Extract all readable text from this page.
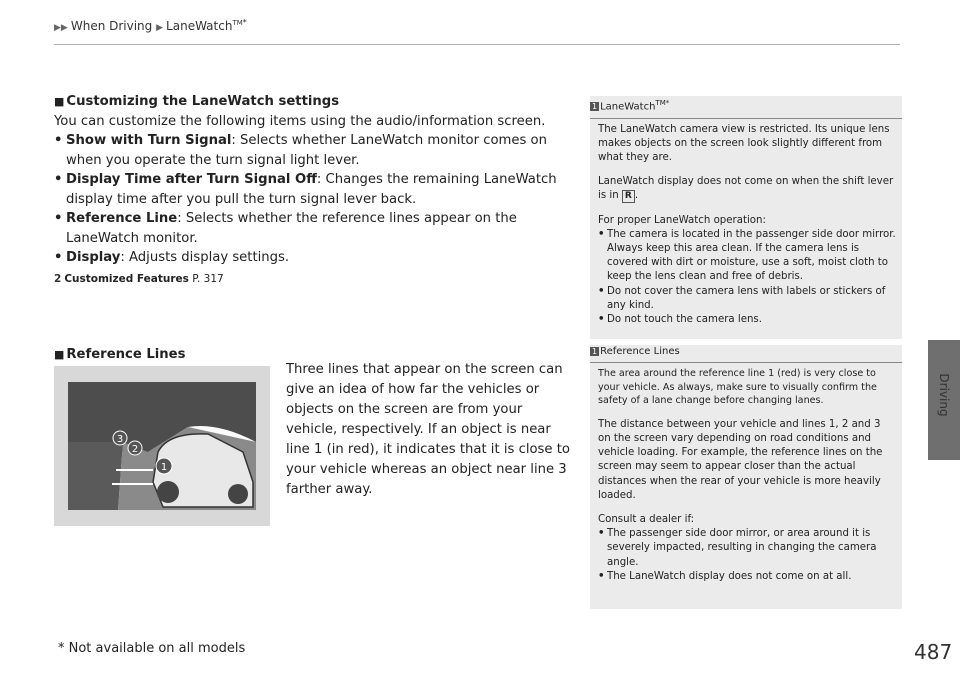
▶▶ When Driving ▶ LaneWatch$^{TM*}$
Driving
■ Customizing the LaneWatch settings

You can customize the following items using the audio/information screen.

• Show with Turn Signal: Selects whether LaneWatch monitor comes on when you operate the turn signal light lever.
• Display Time after Turn Signal Off: Changes the remaining LaneWatch display time after you pull the turn signal lever back.
• Reference Line: Selects whether the reference lines appear on the LaneWatch monitor.
• Display: Adjusts display settings.
2 Customized Features P. 317
■ Reference Lines
3
2
1
Three lines that appear on the screen can give an idea of how far the vehicles or objects on the screen are from your vehicle, respectively. If an object is near line 1 (in red), it indicates that it is close to your vehicle whereas an object near line 3 farther away.
1 LaneWatch$^{TM*}$

The LaneWatch camera view is restricted. Its unique lens makes objects on the screen look slightly different from what they are.

LaneWatch display does not come on when the shift lever is in R .

For proper LaneWatch operation:
• The camera is located in the passenger side door mirror. Always keep this area clean. If the camera lens is covered with dirt or moisture, use a soft, moist cloth to keep the lens clean and free of debris.
• Do not cover the camera lens with labels or stickers of any kind.
• Do not touch the camera lens.
1 Reference Lines

The area around the reference line 1 (red) is very close to your vehicle. As always, make sure to visually confirm the safety of a lane change before changing lanes.

The distance between your vehicle and lines 1, 2 and 3 on the screen vary depending on road conditions and vehicle loading. For example, the reference lines on the screen may seem to appear closer than the actual distances when the rear of your vehicle is more heavily loaded.

Consult a dealer if:
• The passenger side door mirror, or area around it is severely impacted, resulting in changing the camera angle.
• The LaneWatch display does not come on at all.
* Not available on all models	487
